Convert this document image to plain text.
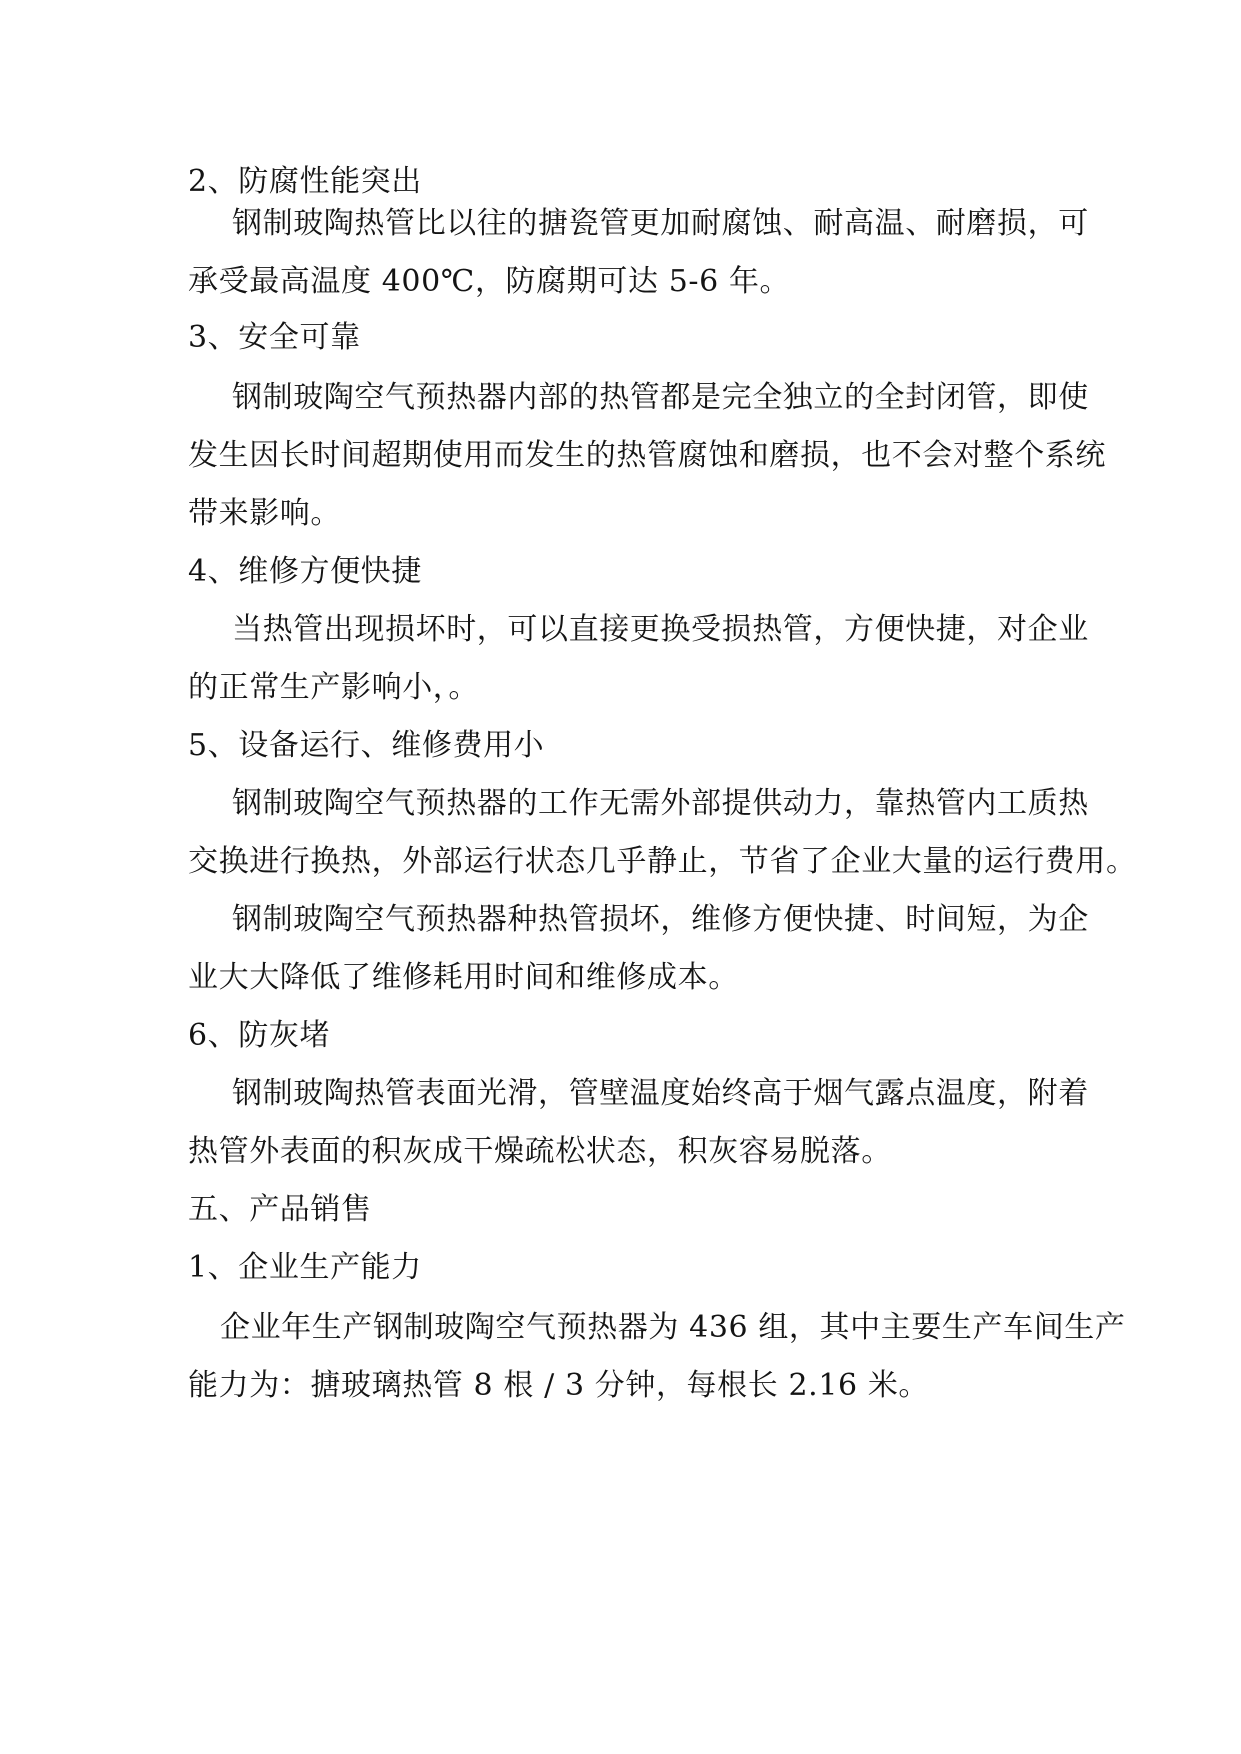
2、防腐性能突出
钢制玻陶热管比以往的搪瓷管更加耐腐蚀、耐高温、耐磨损，可
承受最高温度 400℃，防腐期可达 5-6 年。
3、安全可靠
钢制玻陶空气预热器内部的热管都是完全独立的全封闭管，即使
发生因长时间超期使用而发生的热管腐蚀和磨损，也不会对整个系统
带来影响。
4、维修方便快捷
当热管出现损坏时，可以直接更换受损热管，方便快捷，对企业
的正常生产影响小，。
5、设备运行、维修费用小
钢制玻陶空气预热器的工作无需外部提供动力，靠热管内工质热
交换进行换热，外部运行状态几乎静止，节省了企业大量的运行费用。
钢制玻陶空气预热器种热管损坏，维修方便快捷、时间短，为企
业大大降低了维修耗用时间和维修成本。
6、防灰堵
钢制玻陶热管表面光滑，管壁温度始终高于烟气露点温度，附着
热管外表面的积灰成干燥疏松状态，积灰容易脱落。
五、产品销售
1、企业生产能力
企业年生产钢制玻陶空气预热器为 436 组，其中主要生产车间生产
能力为：搪玻璃热管 8 根 / 3 分钟，每根长 2.16 米。
